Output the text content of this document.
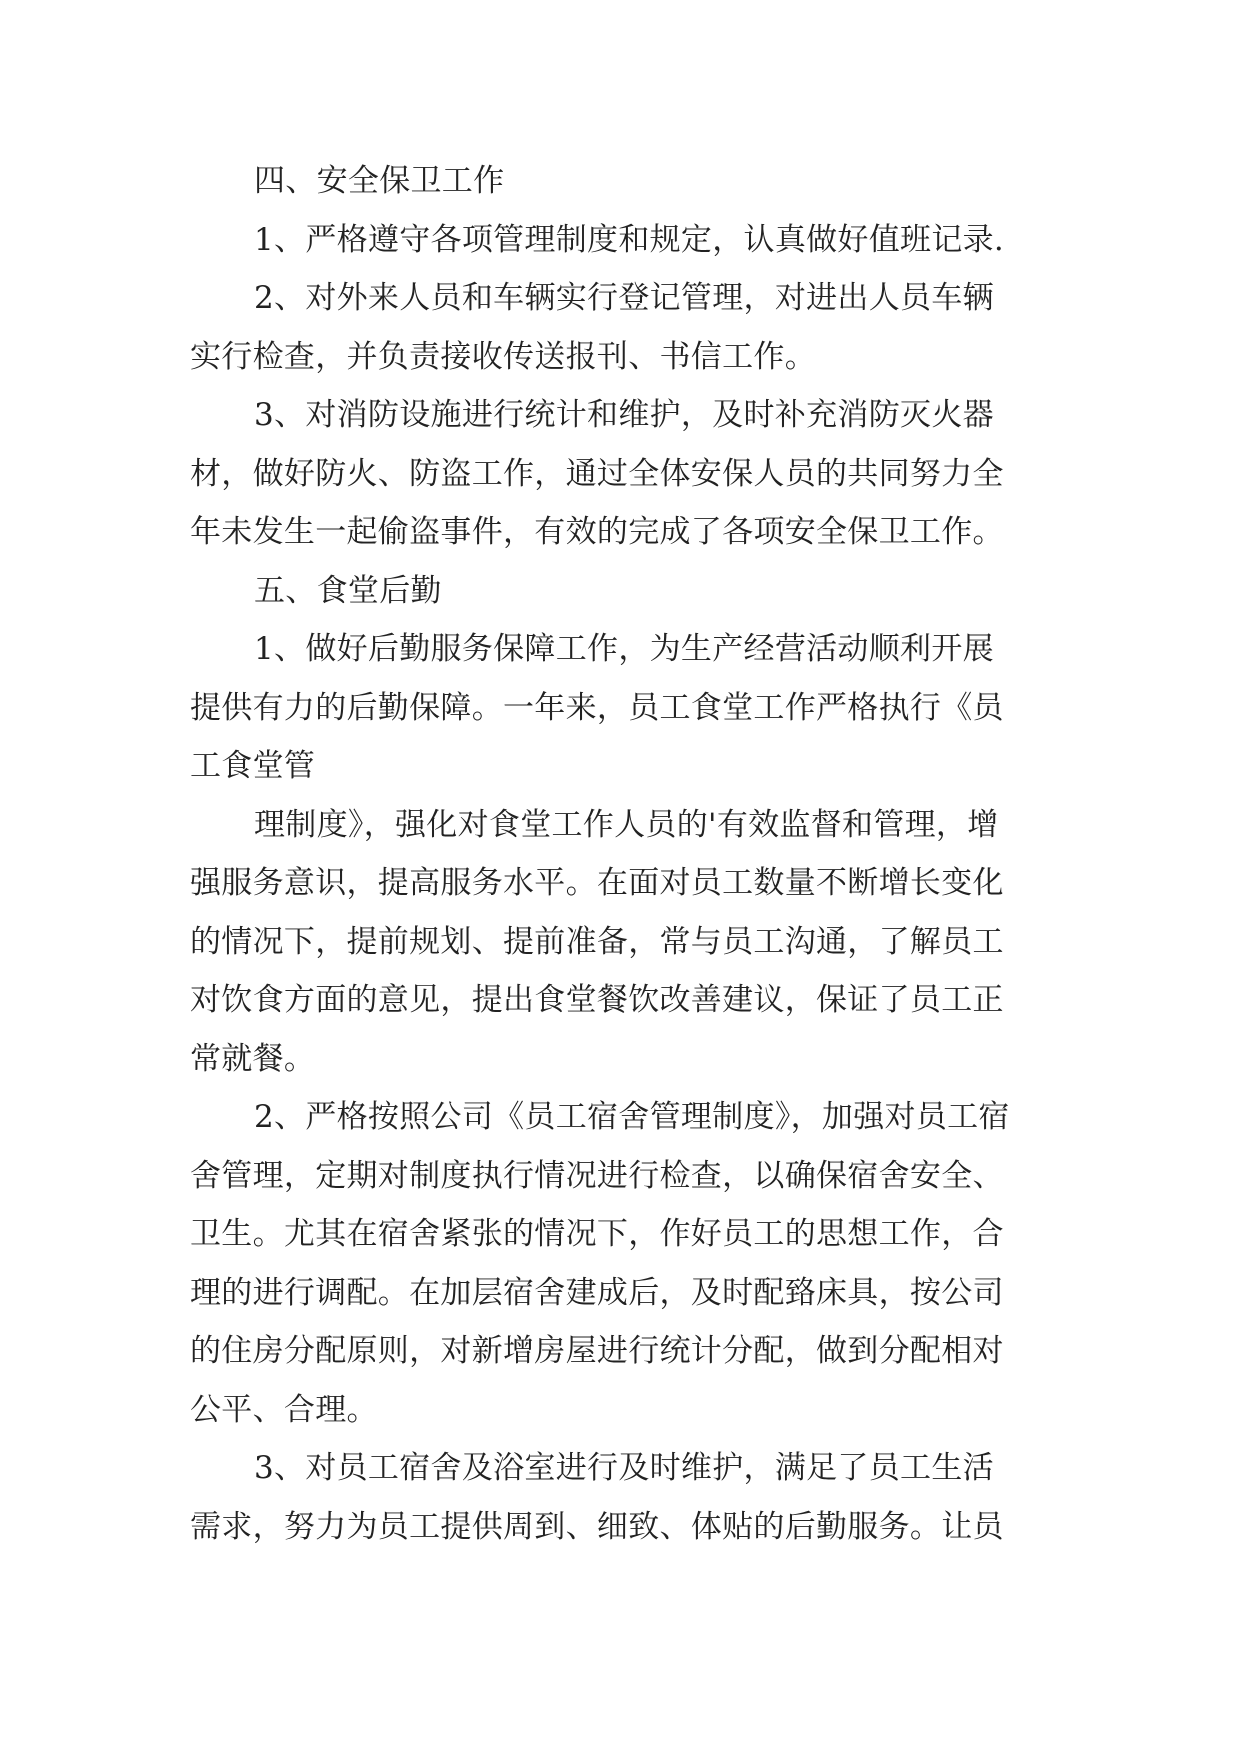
四、安全保卫工作
1、严格遵守各项管理制度和规定，认真做好值班记录.
2、对外来人员和车辆实行登记管理，对进出人员车辆
实行检查，并负责接收传送报刊、书信工作。
3、对消防设施进行统计和维护，及时补充消防灭火器
材，做好防火、防盗工作，通过全体安保人员的共同努力全
年未发生一起偷盗事件，有效的完成了各项安全保卫工作。
五、食堂后勤
1、做好后勤服务保障工作，为生产经营活动顺利开展
提供有力的后勤保障。一年来，员工食堂工作严格执行《员
工食堂管
理制度》，强化对食堂工作人员的'有效监督和管理，增
强服务意识，提高服务水平。在面对员工数量不断增长变化
的情况下，提前规划、提前准备，常与员工沟通，了解员工
对饮食方面的意见，提出食堂餐饮改善建议，保证了员工正
常就餐。
2、严格按照公司《员工宿舍管理制度》，加强对员工宿
舍管理，定期对制度执行情况进行检查，以确保宿舍安全、
卫生。尤其在宿舍紧张的情况下，作好员工的思想工作，合
理的进行调配。在加层宿舍建成后，及时配臵床具，按公司
的住房分配原则，对新增房屋进行统计分配，做到分配相对
公平、合理。
3、对员工宿舍及浴室进行及时维护，满足了员工生活
需求，努力为员工提供周到、细致、体贴的后勤服务。让员
